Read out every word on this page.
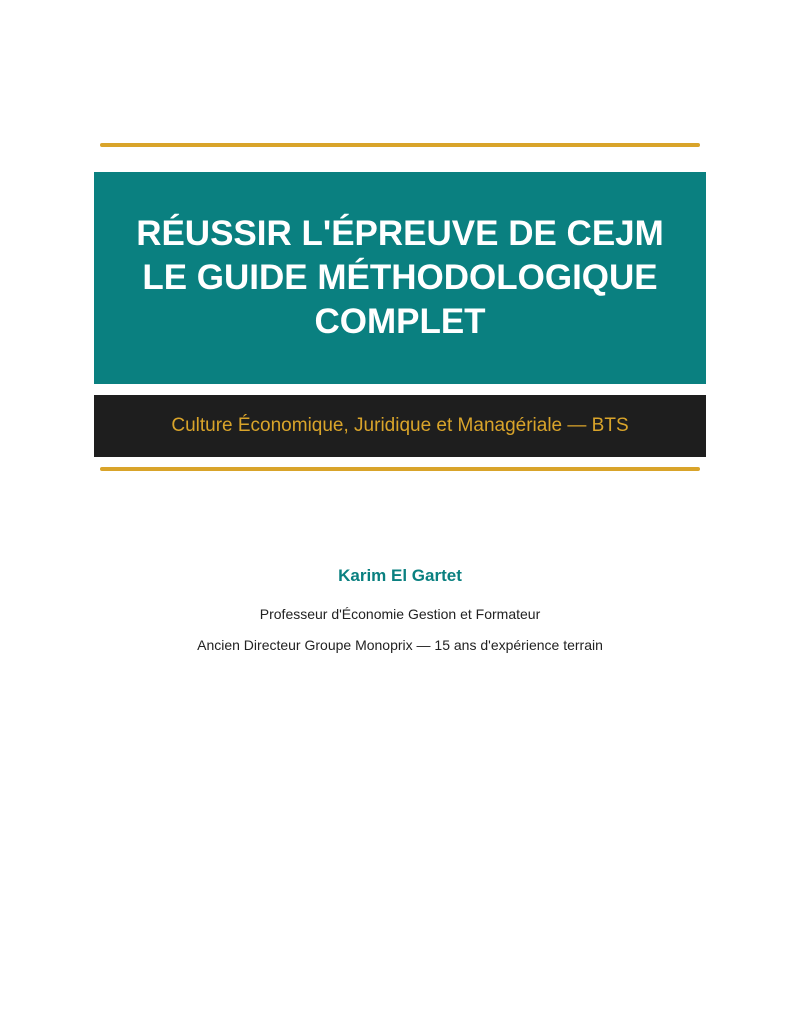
RÉUSSIR L'ÉPREUVE DE CEJM
LE GUIDE MÉTHODOLOGIQUE
COMPLET
Culture Économique, Juridique et Managériale — BTS
Karim El Gartet
Professeur d'Économie Gestion et Formateur
Ancien Directeur Groupe Monoprix — 15 ans d'expérience terrain
